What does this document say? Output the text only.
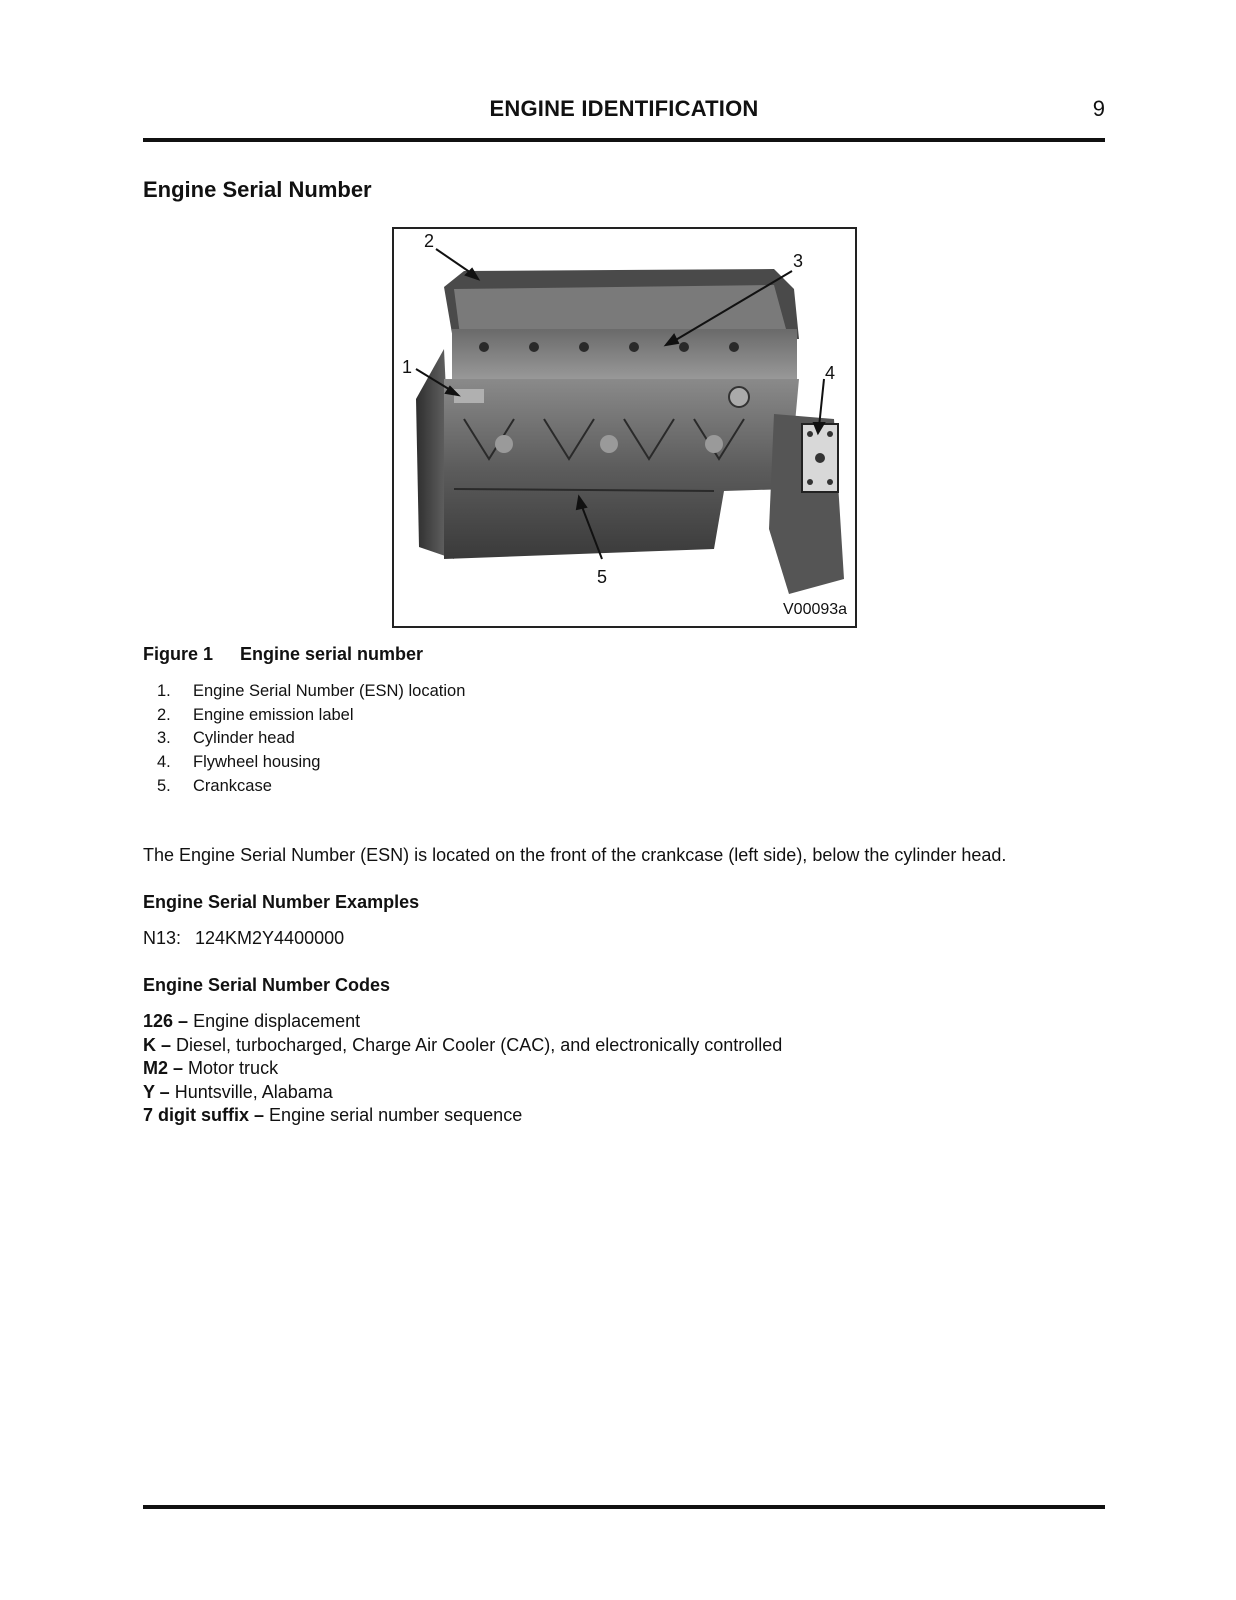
ENGINE IDENTIFICATION	9
Engine Serial Number
2
3
1	4
5
V00093a
Figure 1 Engine serial number
1. Engine Serial Number (ESN) location
2. Engine emission label
3. Cylinder head
4. Flywheel housing
5. Crankcase
The Engine Serial Number (ESN) is located on the front of the crankcase (left side), below the cylinder head.
Engine Serial Number Examples
N13: 124KM2Y4400000
Engine Serial Number Codes
126 – Engine displacement
K – Diesel, turbocharged, Charge Air Cooler (CAC), and electronically controlled
M2 – Motor truck
Y – Huntsville, Alabama
7 digit suffix – Engine serial number sequence
